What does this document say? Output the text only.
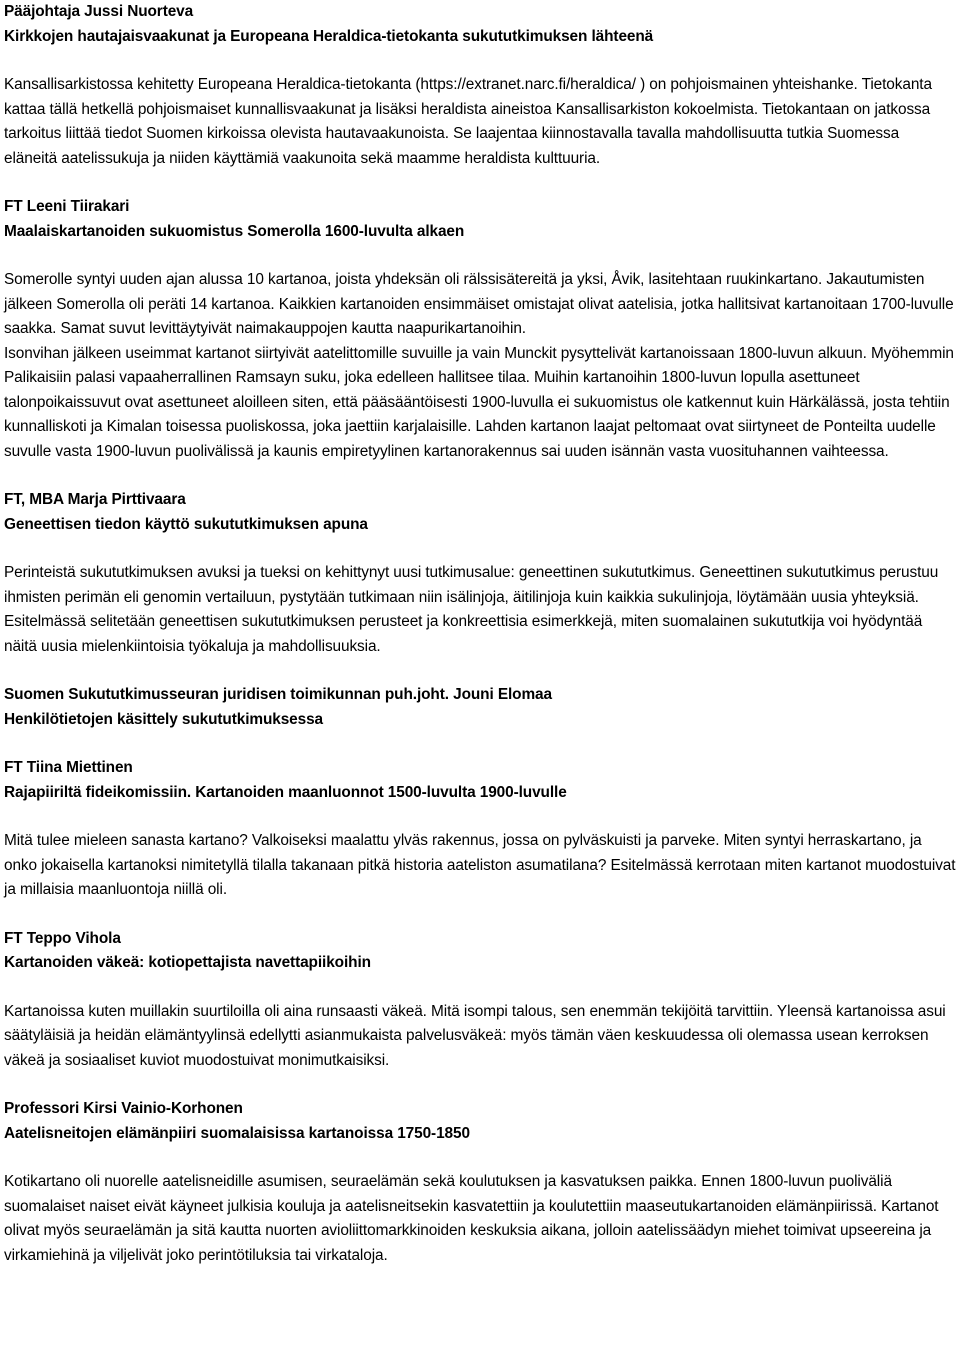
Pääjohtaja Jussi Nuorteva

Kirkkojen hautajaisvaakunat ja Europeana Heraldica-tietokanta sukututkimuksen lähteenä

Kansallisarkistossa kehitetty Europeana Heraldica-tietokanta (https://extranet.narc.fi/heraldica/ ) on pohjoismainen yhteishanke. Tietokanta kattaa tällä hetkellä pohjoismaiset kunnallisvaakunat ja lisäksi heraldista aineistoa Kansallisarkiston kokoelmista. Tietokantaan on jatkossa tarkoitus liittää tiedot Suomen kirkoissa olevista hautavaakunoista. Se laajentaa kiinnostavalla tavalla mahdollisuutta tutkia Suomessa eläneitä aatelissukuja ja niiden käyttämiä vaakunoita sekä maamme heraldista kulttuuria.

FT Leeni Tiirakari

Maalaiskartanoiden sukuomistus Somerolla 1600-luvulta alkaen

Somerolle syntyi uuden ajan alussa 10 kartanoa, joista yhdeksän oli rälssisätereitä ja yksi, Åvik, lasitehtaan ruukinkartano. Jakautumisten jälkeen Somerolla oli peräti 14 kartanoa. Kaikkien kartanoiden ensimmäiset omistajat olivat aatelisia, jotka hallitsivat kartanoitaan 1700-luvulle saakka. Samat suvut levittäytyivät naimakauppojen kautta naapurikartanoihin.

Isonvihan jälkeen useimmat kartanot siirtyivät aatelittomille suvuille ja vain Munckit pysyttelivät kartanoissaan 1800-luvun alkuun. Myöhemmin Palikaisiin palasi vapaaherrallinen Ramsayn suku, joka edelleen hallitsee tilaa. Muihin kartanoihin 1800-luvun lopulla asettuneet talonpoikaissuvut ovat asettuneet aloilleen siten, että pääsääntöisesti 1900-luvulla ei sukuomistus ole katkennut kuin Härkälässä, josta tehtiin kunnalliskoti ja Kimalan toisessa puoliskossa, joka jaettiin karjalaisille. Lahden kartanon laajat peltomaat ovat siirtyneet de Ponteilta uudelle suvulle vasta 1900-luvun puolivälissä ja kaunis empiretyylinen kartanorakennus sai uuden isännän vasta vuosituhannen vaihteessa.

FT, MBA Marja Pirttivaara

Geneettisen tiedon käyttö sukututkimuksen apuna

Perinteistä sukututkimuksen avuksi ja tueksi on kehittynyt uusi tutkimusalue: geneettinen sukututkimus. Geneettinen sukututkimus perustuu ihmisten perimän eli genomin vertailuun, pystytään tutkimaan niin isälinjoja, äitilinjoja kuin kaikkia sukulinjoja, löytämään uusia yhteyksiä. Esitelmässä selitetään geneettisen sukututkimuksen perusteet ja konkreettisia esimerkkejä, miten suomalainen sukututkija voi hyödyntää näitä uusia mielenkiintoisia työkaluja ja mahdollisuuksia.

Suomen Sukututkimusseuran juridisen toimikunnan puh.joht. Jouni Elomaa

Henkilötietojen käsittely sukututkimuksessa

FT Tiina Miettinen

Rajapiiriltä fideikomissiin. Kartanoiden maanluonnot 1500-luvulta 1900-luvulle

Mitä tulee mieleen sanasta kartano? Valkoiseksi maalattu ylväs rakennus, jossa on pylväskuisti ja parveke. Miten syntyi herraskartano, ja onko jokaisella kartanoksi nimitetyllä tilalla takanaan pitkä historia aateliston asumatilana? Esitelmässä kerrotaan miten kartanot muodostuivat ja millaisia maanluontoja niillä oli.

FT Teppo Vihola

Kartanoiden väkeä: kotiopettajista navettapiikoihin

Kartanoissa kuten muillakin suurtiloilla oli aina runsaasti väkeä. Mitä isompi talous, sen enemmän tekijöitä tarvittiin. Yleensä kartanoissa asui säätyläisiä ja heidän elämäntyylinsä edellytti asianmukaista palvelusväkeä: myös tämän väen keskuudessa oli olemassa usean kerroksen väkeä ja sosiaaliset kuviot muodostuivat monimutkaisiksi.

Professori Kirsi Vainio-Korhonen

Aatelisneitojen elämänpiiri suomalaisissa kartanoissa 1750-1850

Kotikartano oli nuorelle aatelisneidille asumisen, seuraelämän sekä koulutuksen ja kasvatuksen paikka. Ennen 1800-luvun puoliväliä suomalaiset naiset eivät käyneet julkisia kouluja ja aatelisneitsekin kasvatettiin ja koulutettiin maaseutukartanoiden elämänpiirissä. Kartanot olivat myös seuraelämän ja sitä kautta nuorten avioliittomarkkinoiden keskuksia aikana, jolloin aatelissäädyn miehet toimivat upseereina ja virkamiehinä ja viljelivät joko perintötiluksia tai virkataloja.
